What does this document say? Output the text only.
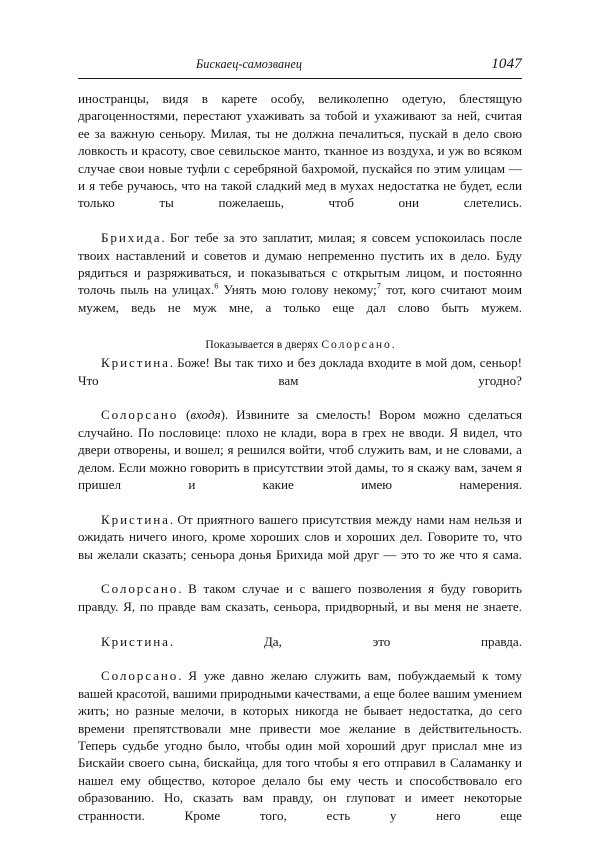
Бискаец-самозванец	1047

иностранцы, видя в карете особу, великолепно одетую, блестящую драгоценностями, перестают ухаживать за тобой и ухаживают за ней, считая ее за важную сеньору. Милая, ты не должна печалиться, пускай в дело свою ловкость и красоту, свое севильское манто, тканное из воздуха, и уж во всяком случае свои новые туфли с серебряной бахромой, пускайся по этим улицам — и я тебе ручаюсь, что на такой сладкий мед в мухах недостатка не будет, если только ты пожелаешь, чтоб они слетелись.

Брихида. Бог тебе за это заплатит, милая; я совсем успокоилась после твоих наставлений и советов и думаю непременно пустить их в дело. Буду рядиться и разряживаться, и показываться с открытым лицом, и постоянно толочь пыль на улицах.$^6$ Унять мою голову некому;$^7$ тот, кого считают моим мужем, ведь не муж мне, а только еще дал слово быть мужем.

Показывается в дверях Солорсано.

Кристина. Боже! Вы так тихо и без доклада входите в мой дом, сеньор! Что вам угодно?

Солорсано (входя). Извините за смелость! Вором можно сделаться случайно. По пословице: плохо не клади, вора в грех не вводи. Я видел, что двери отворены, и вошел; я решился войти, чтоб служить вам, и не словами, а делом. Если можно говорить в присутствии этой дамы, то я скажу вам, зачем я пришел и какие имею намерения.

Кристина. От приятного вашего присутствия между нами нам нельзя и ожидать ничего иного, кроме хороших слов и хороших дел. Говорите то, что вы желали сказать; сеньора донья Брихида мой друг — это то же что я сама.

Солорсано. В таком случае и с вашего позволения я буду говорить правду. Я, по правде вам сказать, сеньора, придворный, и вы меня не знаете.

Кристина. Да, это правда.

Солорсано. Я уже давно желаю служить вам, побуждаемый к тому вашей красотой, вашими природными качествами, а еще более вашим умением жить; но разные мелочи, в которых никогда не бывает недостатка, до сего времени препятствовали мне привести мое желание в действительность. Теперь судьбе угодно было, чтобы один мой хороший друг прислал мне из Бискайи своего сына, бискайца, для того чтобы я его отправил в Саламанку и нашел ему общество, которое делало бы ему честь и способствовало его образованию. Но, сказать вам правду, он глуповат и имеет некоторые странности. Кроме того, есть у него еще
